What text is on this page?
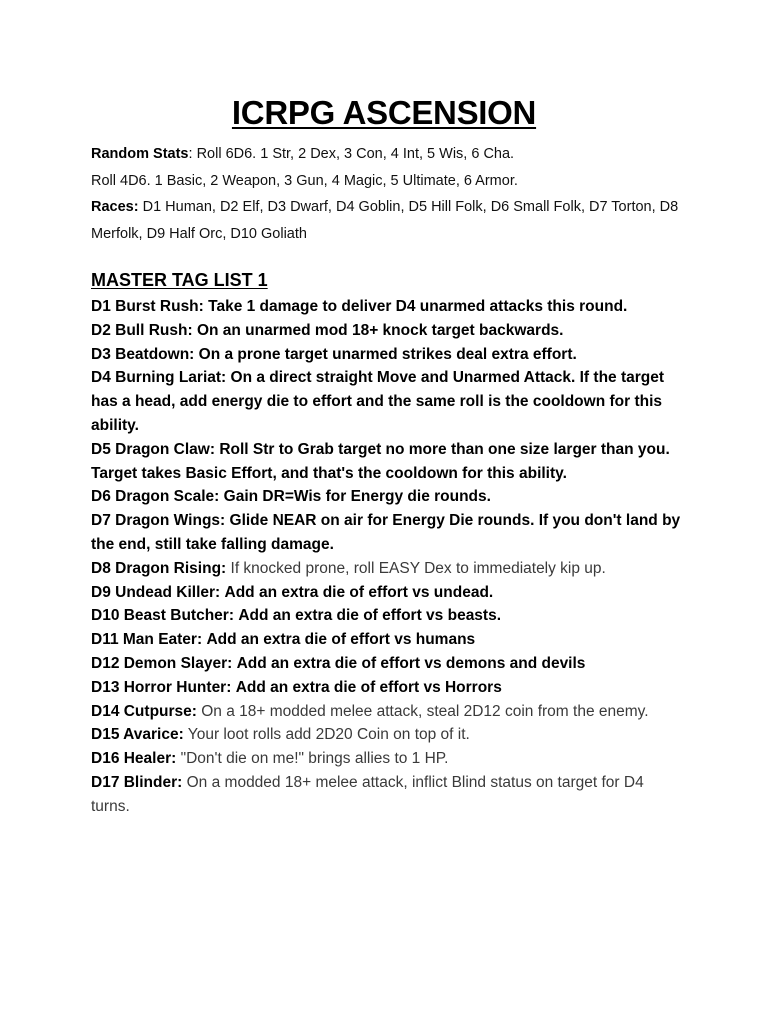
ICRPG ASCENSION

Random Stats: Roll 6D6. 1 Str, 2 Dex, 3 Con, 4 Int, 5 Wis, 6 Cha.

Roll 4D6. 1 Basic, 2 Weapon, 3 Gun, 4 Magic, 5 Ultimate, 6 Armor.

Races: D1 Human, D2 Elf, D3 Dwarf, D4 Goblin, D5 Hill Folk, D6 Small Folk, D7 Torton, D8 Merfolk, D9 Half Orc, D10 Goliath

MASTER TAG LIST 1

D1 Burst Rush: Take 1 damage to deliver D4 unarmed attacks this round.

D2 Bull Rush: On an unarmed mod 18+ knock target backwards.

D3 Beatdown: On a prone target unarmed strikes deal extra effort.

D4 Burning Lariat: On a direct straight Move and Unarmed Attack. If the target has a head, add energy die to effort and the same roll is the cooldown for this ability.

D5 Dragon Claw: Roll Str to Grab target no more than one size larger than you. Target takes Basic Effort, and that's the cooldown for this ability.

D6 Dragon Scale: Gain DR=Wis for Energy die rounds.

D7 Dragon Wings: Glide NEAR on air for Energy Die rounds. If you don't land by the end, still take falling damage.

D8 Dragon Rising: If knocked prone, roll EASY Dex to immediately kip up.

D9 Undead Killer: Add an extra die of effort vs undead.

D10 Beast Butcher: Add an extra die of effort vs beasts.

D11 Man Eater: Add an extra die of effort vs humans

D12 Demon Slayer: Add an extra die of effort vs demons and devils

D13 Horror Hunter: Add an extra die of effort vs Horrors

D14 Cutpurse: On a 18+ modded melee attack, steal 2D12 coin from the enemy.

D15 Avarice: Your loot rolls add 2D20 Coin on top of it.

D16 Healer: "Don't die on me!" brings allies to 1 HP.

D17 Blinder: On a modded 18+ melee attack, inflict Blind status on target for D4 turns.
